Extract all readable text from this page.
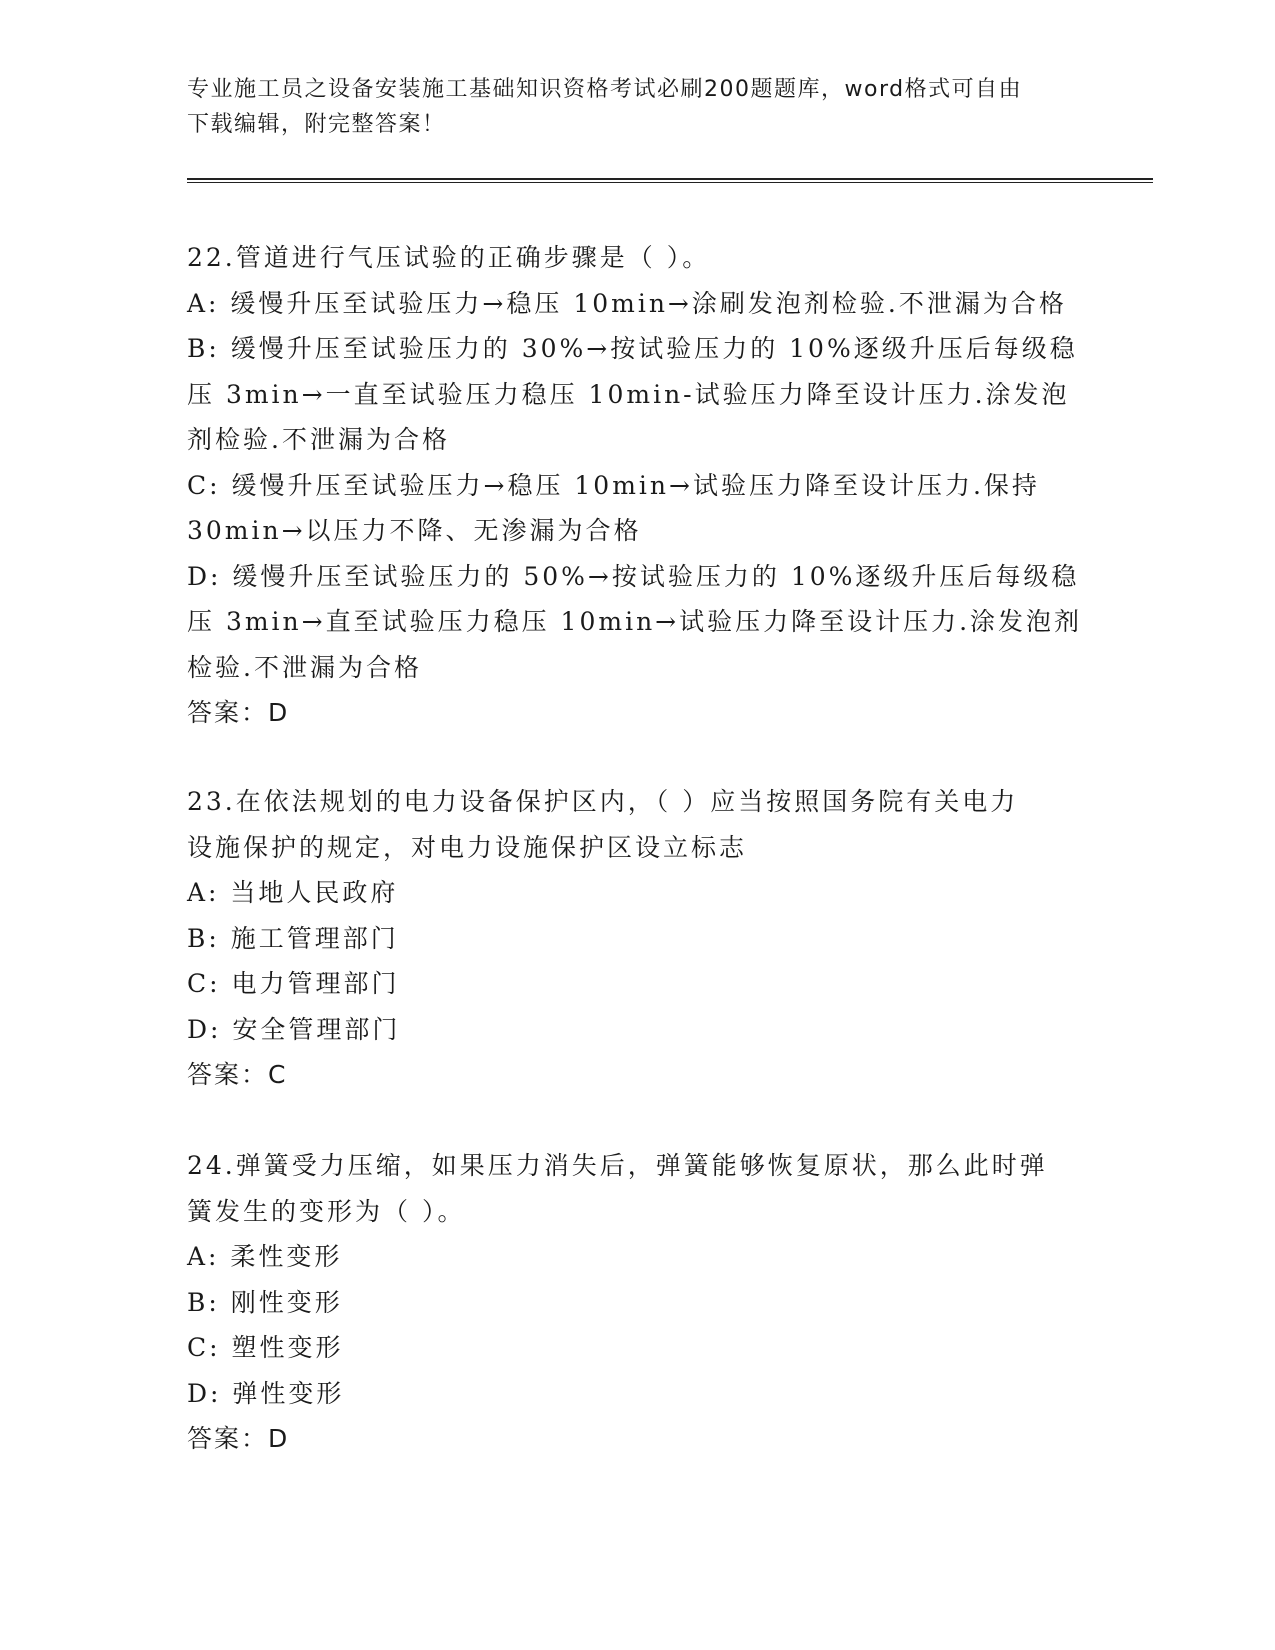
专业施工员之设备安装施工基础知识资格考试必刷200题题库，word格式可自由
下载编辑，附完整答案！

22.管道进行气压试验的正确步骤是（ ）。

A: 缓慢升压至试验压力→稳压 10min→涂刷发泡剂检验.不泄漏为合格

B: 缓慢升压至试验压力的 30%→按试验压力的 10%逐级升压后每级稳

压 3min→一直至试验压力稳压 10min-试验压力降至设计压力.涂发泡

剂检验.不泄漏为合格

C: 缓慢升压至试验压力→稳压 10min→试验压力降至设计压力.保持

30min→以压力不降、无渗漏为合格

D: 缓慢升压至试验压力的 50%→按试验压力的 10%逐级升压后每级稳

压 3min→直至试验压力稳压 10min→试验压力降至设计压力.涂发泡剂

检验.不泄漏为合格

答案：D

23.在依法规划的电力设备保护区内，（ ）应当按照国务院有关电力

设施保护的规定，对电力设施保护区设立标志

A: 当地人民政府

B: 施工管理部门

C: 电力管理部门

D: 安全管理部门

答案：C

24.弹簧受力压缩，如果压力消失后，弹簧能够恢复原状，那么此时弹

簧发生的变形为（ ）。

A: 柔性变形

B: 刚性变形

C: 塑性变形

D: 弹性变形

答案：D
